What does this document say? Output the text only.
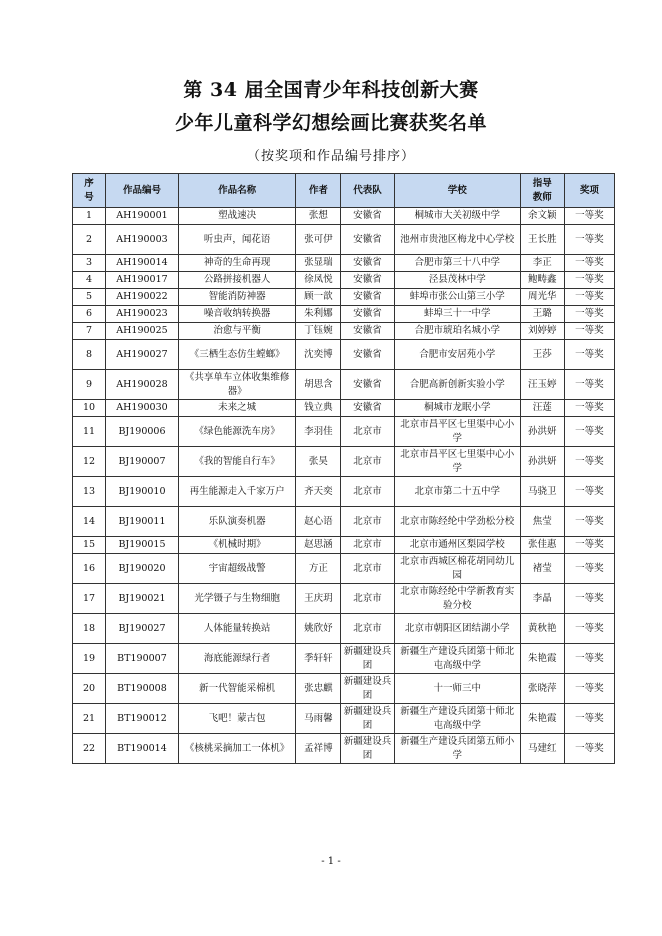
第 34 届全国青少年科技创新大赛
少年儿童科学幻想绘画比赛获奖名单
（按奖项和作品编号排序）
序号	作品编号	作品名称	作者	代表队	学校	指导教师	奖项
1	AH190001	塑战速决	张想	安徽省	桐城市大关初级中学	余文颖	一等奖
2	AH190003	听虫声，闻花语	张可伊	安徽省	池州市贵池区梅龙中心学校	王长胜	一等奖
3	AH190014	神奇的生命再现	张显瑞	安徽省	合肥市第三十八中学	李正	一等奖
4	AH190017	公路拼接机器人	徐凤悦	安徽省	泾县茂林中学	鲍畴鑫	一等奖
5	AH190022	智能消防神器	顾一歆	安徽省	蚌埠市张公山第三小学	周光华	一等奖
6	AH190023	噪音收纳转换器	朱利娜	安徽省	蚌埠三十一中学	王璐	一等奖
7	AH190025	治愈与平衡	丁钰婉	安徽省	合肥市琥珀名城小学	刘婷婷	一等奖
8	AH190027	《三栖生态仿生螳螂》	沈奕博	安徽省	合肥市安居苑小学	王莎	一等奖
9	AH190028	《共享单车立体收集维修器》	胡思含	安徽省	合肥高新创新实验小学	汪玉婷	一等奖
10	AH190030	未来之城	钱立典	安徽省	桐城市龙眠小学	汪莲	一等奖
11	BJ190006	《绿色能源洗车房》	李羽佳	北京市	北京市昌平区七里渠中心小学	孙洪妍	一等奖
12	BJ190007	《我的智能自行车》	张昊	北京市	北京市昌平区七里渠中心小学	孙洪妍	一等奖
13	BJ190010	再生能源走入千家万户	齐天奕	北京市	北京市第二十五中学	马骁卫	一等奖
14	BJ190011	乐队演奏机器	赵心语	北京市	北京市陈经纶中学劲松分校	焦莹	一等奖
15	BJ190015	《机械时期》	赵思涵	北京市	北京市通州区梨园学校	张佳惠	一等奖
16	BJ190020	宇宙超级战警	方正	北京市	北京市西城区棉花胡同幼儿园	褚莹	一等奖
17	BJ190021	光学镊子与生物细胞	王庆玥	北京市	北京市陈经纶中学新教育实验分校	李晶	一等奖
18	BJ190027	人体能量转换站	姚欣妤	北京市	北京市朝阳区团结湖小学	黄秋艳	一等奖
19	BT190007	海底能源绿行者	季轩轩	新疆建设兵团	新疆生产建设兵团第十师北屯高级中学	朱艳霞	一等奖
20	BT190008	新一代智能采棉机	张忠麒	新疆建设兵团	十一师三中	张晓萍	一等奖
21	BT190012	飞吧！蒙古包	马雨馨	新疆建设兵团	新疆生产建设兵团第十师北屯高级中学	朱艳霞	一等奖
22	BT190014	《核桃采摘加工一体机》	孟祥博	新疆建设兵团	新疆生产建设兵团第五师小学	马建红	一等奖
- 1 -
